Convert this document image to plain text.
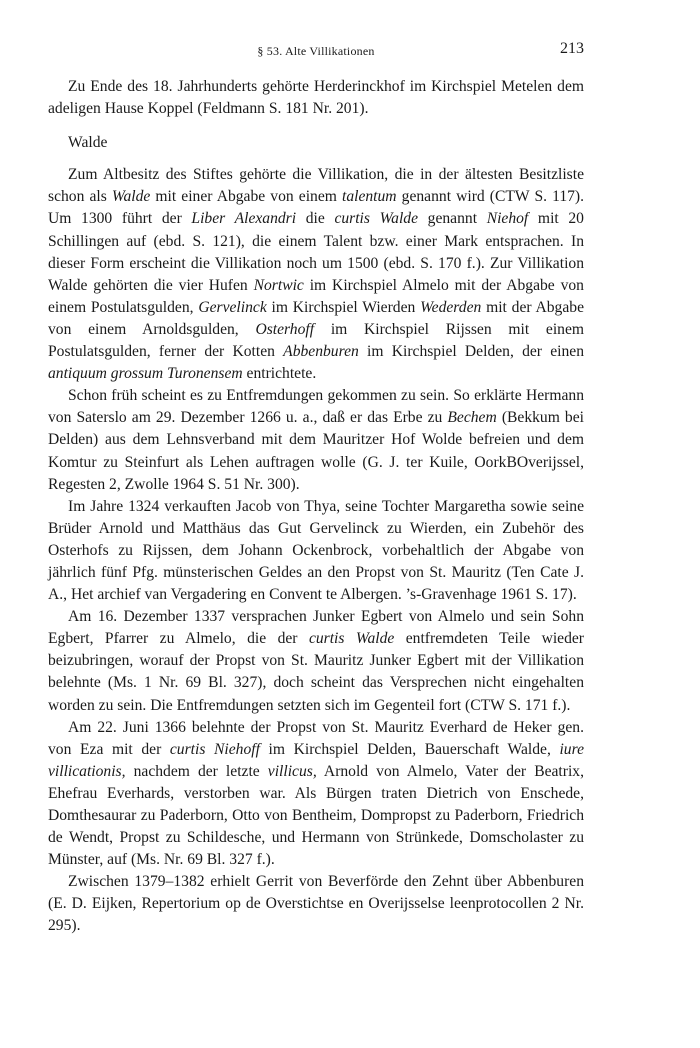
§ 53. Alte Villikationen	213

Zu Ende des 18. Jahrhunderts gehörte Herderinckhof im Kirchspiel Metelen dem adeligen Hause Koppel (Feldmann S. 181 Nr. 201).

Walde

Zum Altbesitz des Stiftes gehörte die Villikation, die in der ältesten Besitzliste schon als Walde mit einer Abgabe von einem talentum genannt wird (CTW S. 117). Um 1300 führt der Liber Alexandri die curtis Walde genannt Niehof mit 20 Schillingen auf (ebd. S. 121), die einem Talent bzw. einer Mark entsprachen. In dieser Form erscheint die Villikation noch um 1500 (ebd. S. 170 f.). Zur Villikation Walde gehörten die vier Hufen Nortwic im Kirchspiel Almelo mit der Abgabe von einem Postulatsgulden, Gervelinck im Kirchspiel Wierden Wederden mit der Abgabe von einem Arnoldsgulden, Osterhoff im Kirchspiel Rijssen mit einem Postulatsgulden, ferner der Kotten Abbenburen im Kirchspiel Delden, der einen antiquum grossum Turonensem entrichtete.

Schon früh scheint es zu Entfremdungen gekommen zu sein. So erklärte Hermann von Saterslo am 29. Dezember 1266 u. a., daß er das Erbe zu Bechem (Bekkum bei Delden) aus dem Lehnsverband mit dem Mauritzer Hof Wolde befreien und dem Komtur zu Steinfurt als Lehen auftragen wolle (G. J. ter Kuile, OorkBOverijssel, Regesten 2, Zwolle 1964 S. 51 Nr. 300).

Im Jahre 1324 verkauften Jacob von Thya, seine Tochter Margaretha sowie seine Brüder Arnold und Matthäus das Gut Gervelinck zu Wierden, ein Zubehör des Osterhofs zu Rijssen, dem Johann Ockenbrock, vorbehaltlich der Abgabe von jährlich fünf Pfg. münsterischen Geldes an den Propst von St. Mauritz (Ten Cate J. A., Het archief van Vergadering en Convent te Albergen. ’s-Gravenhage 1961 S. 17).

Am 16. Dezember 1337 versprachen Junker Egbert von Almelo und sein Sohn Egbert, Pfarrer zu Almelo, die der curtis Walde entfremdeten Teile wieder beizubringen, worauf der Propst von St. Mauritz Junker Egbert mit der Villikation belehnte (Ms. 1 Nr. 69 Bl. 327), doch scheint das Versprechen nicht eingehalten worden zu sein. Die Entfremdungen setzten sich im Gegenteil fort (CTW S. 171 f.).

Am 22. Juni 1366 belehnte der Propst von St. Mauritz Everhard de Heker gen. von Eza mit der curtis Niehoff im Kirchspiel Delden, Bauerschaft Walde, iure villicationis, nachdem der letzte villicus, Arnold von Almelo, Vater der Beatrix, Ehefrau Everhards, verstorben war. Als Bürgen traten Dietrich von Enschede, Domthesaurar zu Paderborn, Otto von Bentheim, Dompropst zu Paderborn, Friedrich de Wendt, Propst zu Schildesche, und Hermann von Strünkede, Domscholaster zu Münster, auf (Ms. Nr. 69 Bl. 327 f.).

Zwischen 1379–1382 erhielt Gerrit von Beverförde den Zehnt über Abbenburen (E. D. Eijken, Repertorium op de Overstichtse en Overijsselse leenprotocollen 2 Nr. 295).
